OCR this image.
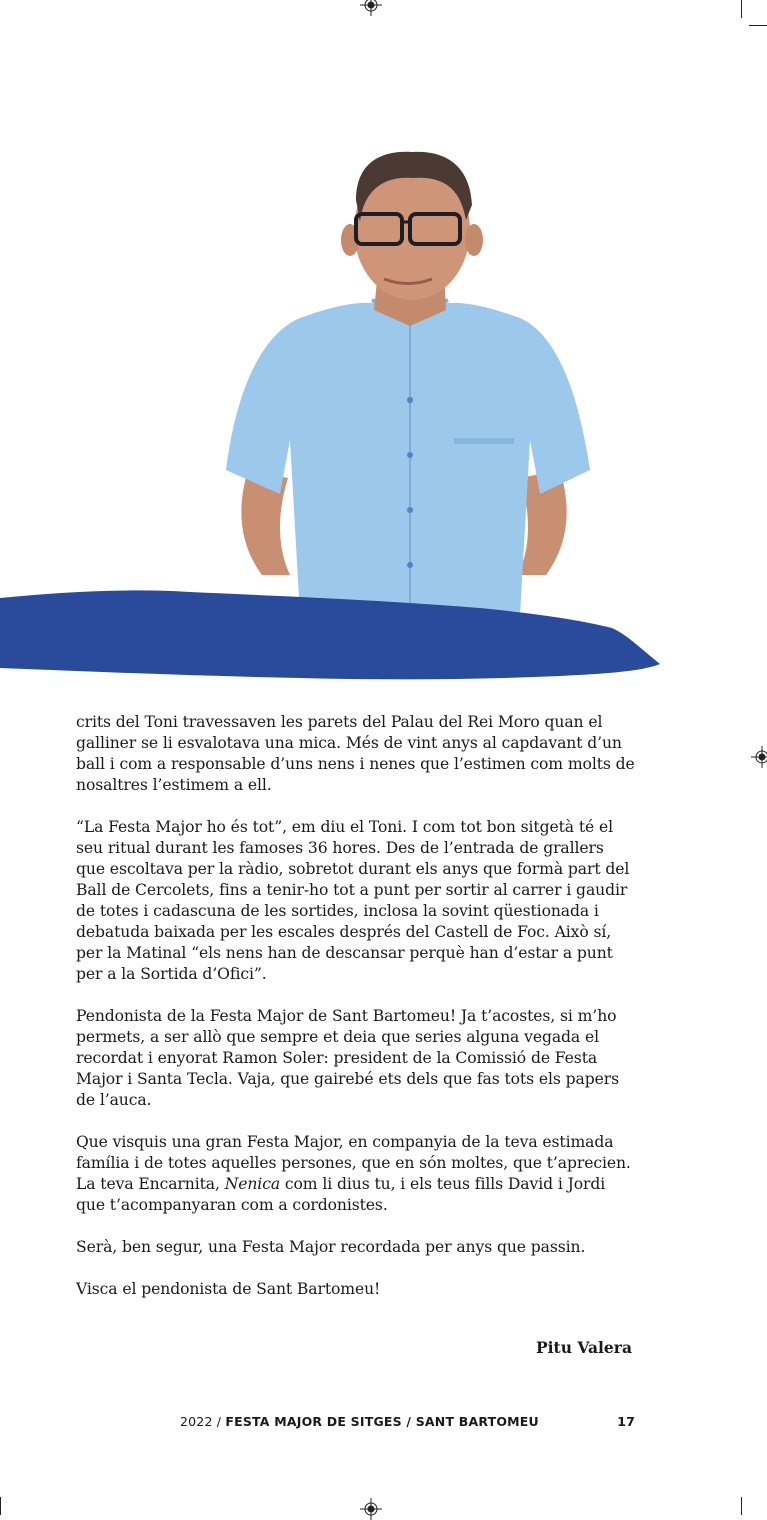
crits del Toni travessaven les parets del Palau del Rei Moro quan el galliner se li esvalotava una mica. Més de vint anys al capdavant d’un ball i com a responsable d’uns nens i nenes que l’estimen com molts de nosaltres l’estimem a ell.

“La Festa Major ho és tot”, em diu el Toni. I com tot bon sitgetà té el seu ritual durant les famoses 36 hores. Des de l’entrada de grallers que escoltava per la ràdio, sobretot durant els anys que formà part del Ball de Cercolets, fins a tenir-ho tot a punt per sortir al carrer i gaudir de totes i cadascuna de les sortides, inclosa la sovint qüestionada i debatuda baixada per les escales després del Castell de Foc. Això sí, per la Matinal “els nens han de descansar perquè han d’estar a punt per a la Sortida d’Ofici”.

Pendonista de la Festa Major de Sant Bartomeu! Ja t’acostes, si m’ho permets, a ser allò que sempre et deia que series alguna vegada el recordat i enyorat Ramon Soler: president de la Comissió de Festa Major i Santa Tecla. Vaja, que gairebé ets dels que fas tots els papers de l’auca.

Que visquis una gran Festa Major, en companyia de la teva estimada família i de totes aquelles persones, que en són moltes, que t’aprecien. La teva Encarnita, Nenica com li dius tu, i els teus fills David i Jordi que t’acompanyaran com a cordonistes.

Serà, ben segur, una Festa Major recordada per anys que passin.

Visca el pendonista de Sant Bartomeu!

Pitu Valera
2022 / FESTA MAJOR DE SITGES / SANT BARTOMEU	17
